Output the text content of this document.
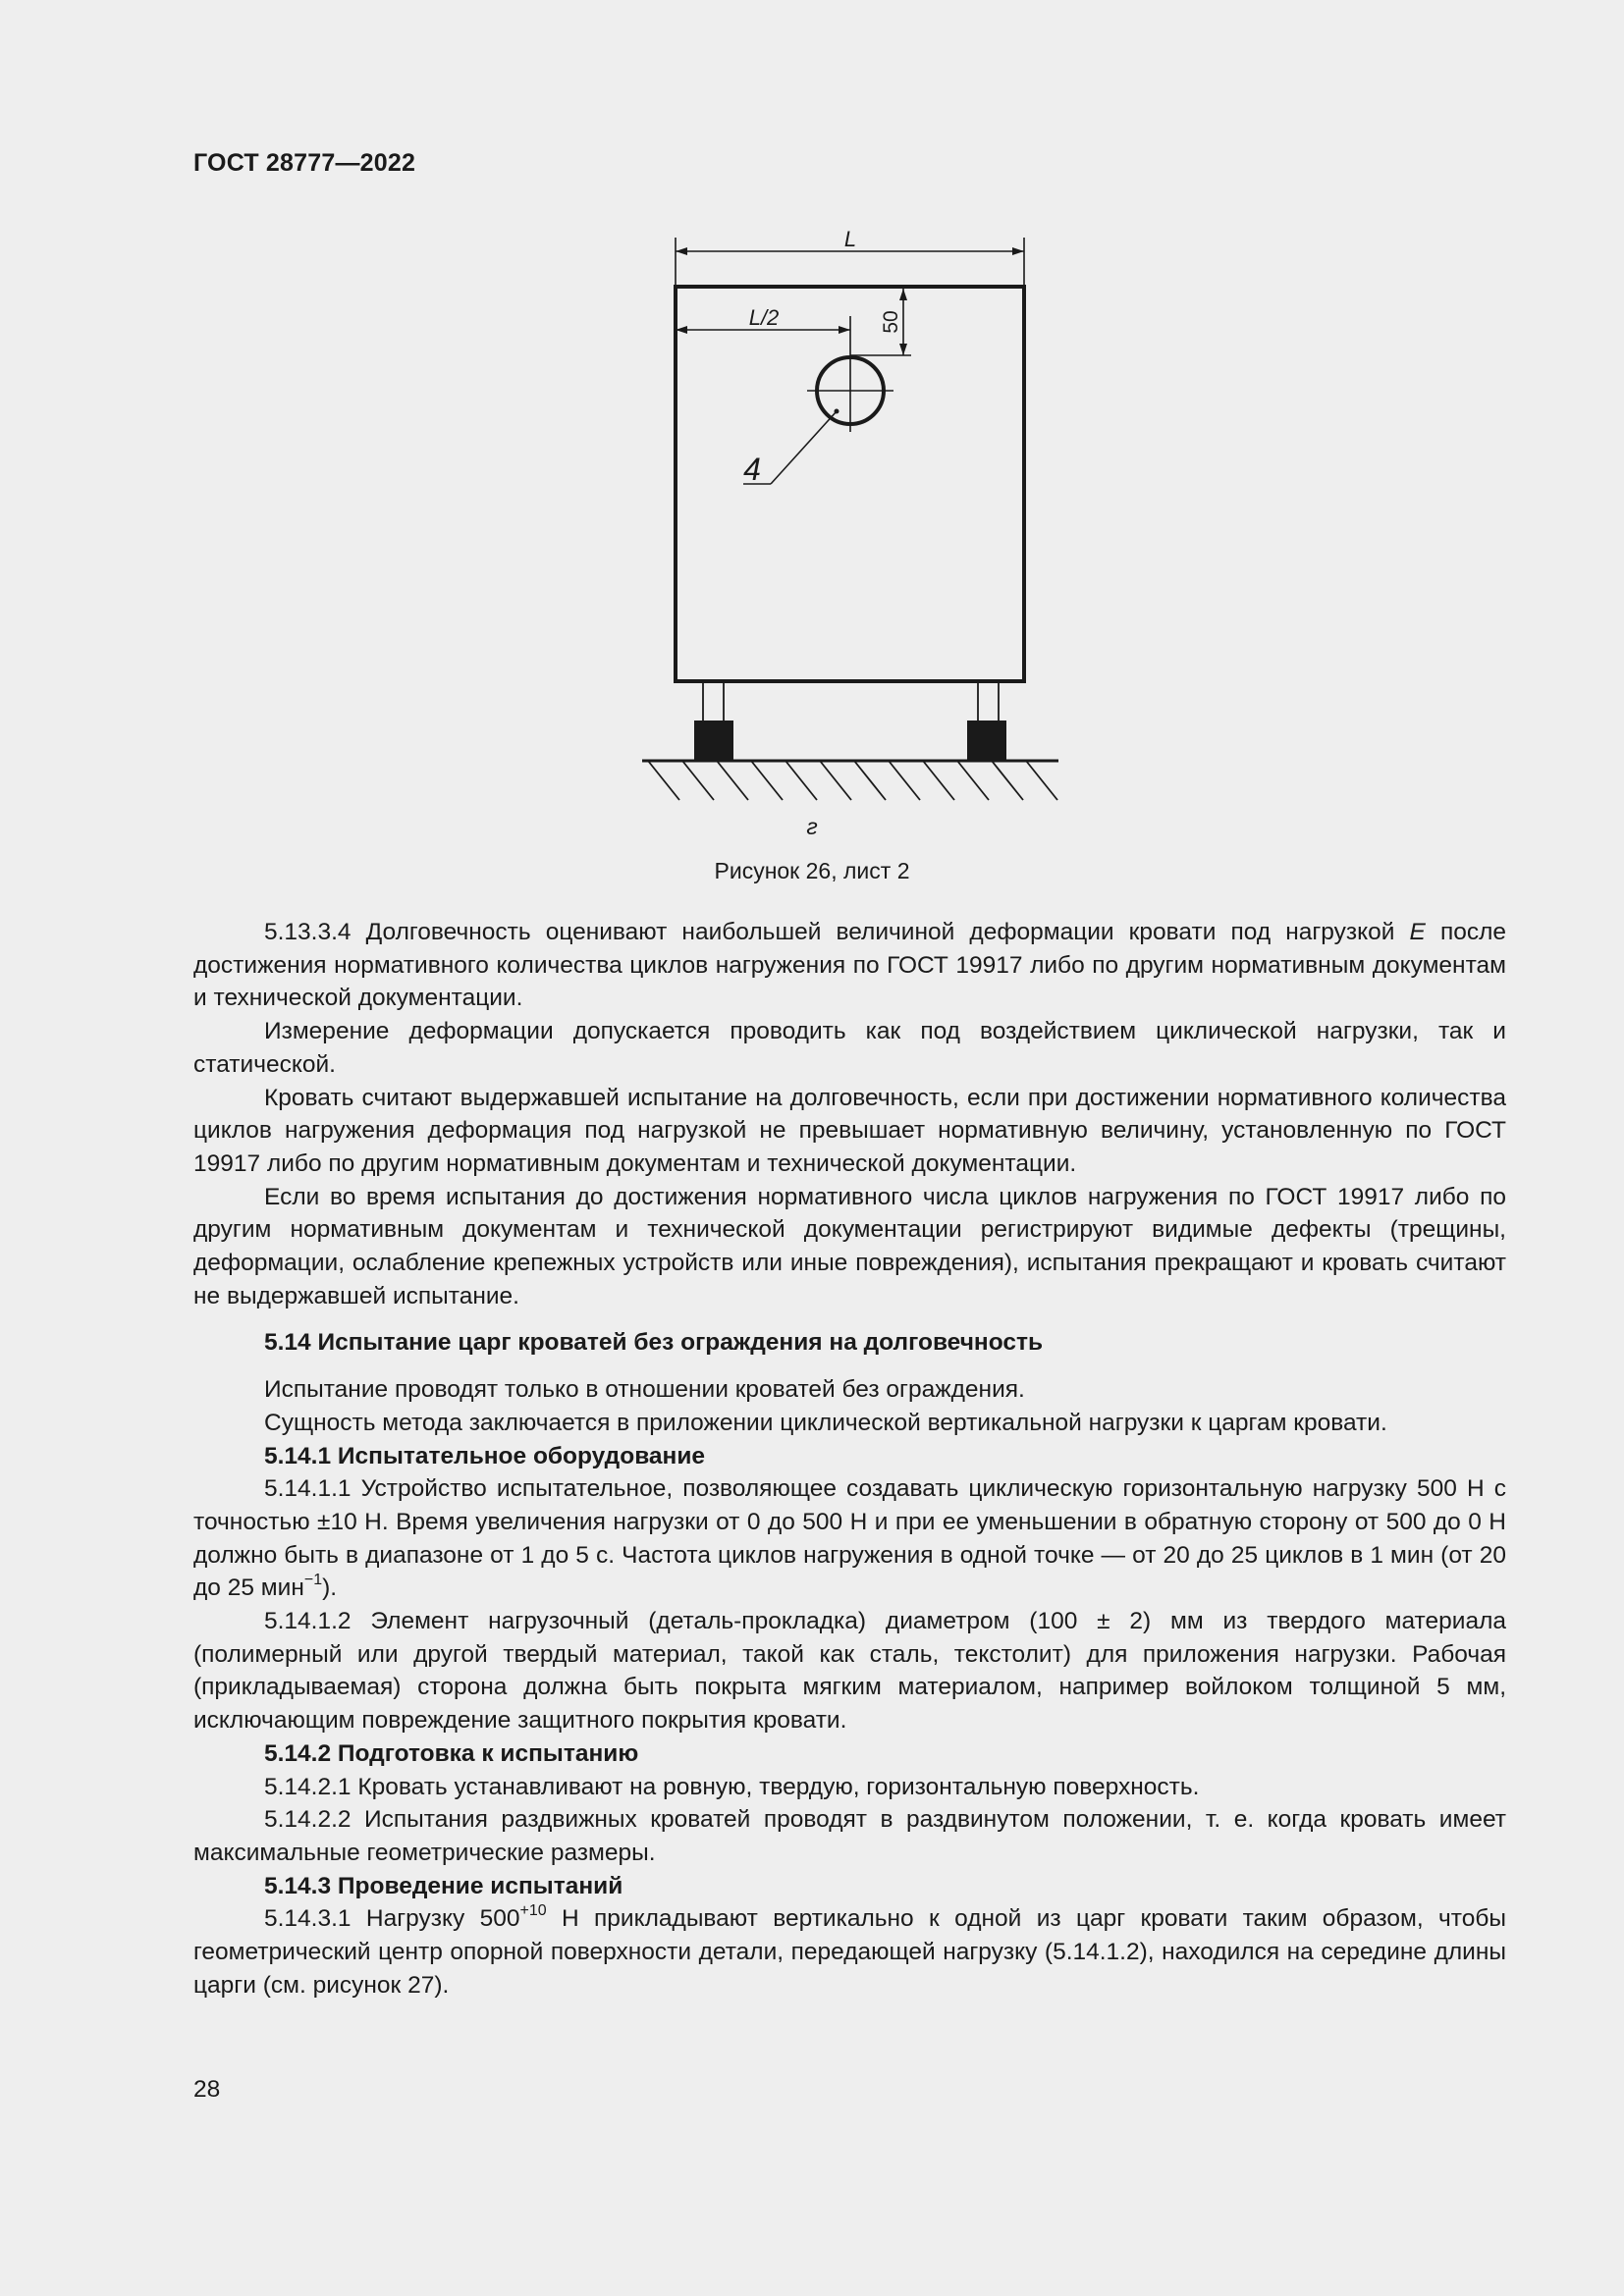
ГОСТ 28777—2022
L
L/2	50
4
г
Рисунок 26, лист 2

5.13.3.4 Долговечность оценивают наибольшей величиной деформации кровати под нагрузкой E после достижения нормативного количества циклов нагружения по ГОСТ 19917 либо по другим нормативным документам и технической документации.

Измерение деформации допускается проводить как под воздействием циклической нагрузки, так и статической.

Кровать считают выдержавшей испытание на долговечность, если при достижении нормативного количества циклов нагружения деформация под нагрузкой не превышает нормативную величину, установленную по ГОСТ 19917 либо по другим нормативным документам и технической документации.

Если во время испытания до достижения нормативного числа циклов нагружения по ГОСТ 19917 либо по другим нормативным документам и технической документации регистрируют видимые дефекты (трещины, деформации, ослабление крепежных устройств или иные повреждения), испытания прекращают и кровать считают не выдержавшей испытание.

5.14 Испытание царг кроватей без ограждения на долговечность

Испытание проводят только в отношении кроватей без ограждения.

Сущность метода заключается в приложении циклической вертикальной нагрузки к царгам кровати.

5.14.1 Испытательное оборудование

5.14.1.1 Устройство испытательное, позволяющее создавать циклическую горизонтальную нагрузку 500 Н с точностью ±10 Н. Время увеличения нагрузки от 0 до 500 Н и при ее уменьшении в обратную сторону от 500 до 0 Н должно быть в диапазоне от 1 до 5 с. Частота циклов нагружения в одной точке — от 20 до 25 циклов в 1 мин (от 20 до 25 мин$^{-1}$).

5.14.1.2 Элемент нагрузочный (деталь-прокладка) диаметром (100 ± 2) мм из твердого материала (полимерный или другой твердый материал, такой как сталь, текстолит) для приложения нагрузки. Рабочая (прикладываемая) сторона должна быть покрыта мягким материалом, например войлоком толщиной 5 мм, исключающим повреждение защитного покрытия кровати.

5.14.2 Подготовка к испытанию

5.14.2.1 Кровать устанавливают на ровную, твердую, горизонтальную поверхность.

5.14.2.2 Испытания раздвижных кроватей проводят в раздвинутом положении, т. е. когда кровать имеет максимальные геометрические размеры.

5.14.3 Проведение испытаний

5.14.3.1 Нагрузку $500^{+10}$ Н прикладывают вертикально к одной из царг кровати таким образом, чтобы геометрический центр опорной поверхности детали, передающей нагрузку (5.14.1.2), находился на середине длины царги (см. рисунок 27).

28
